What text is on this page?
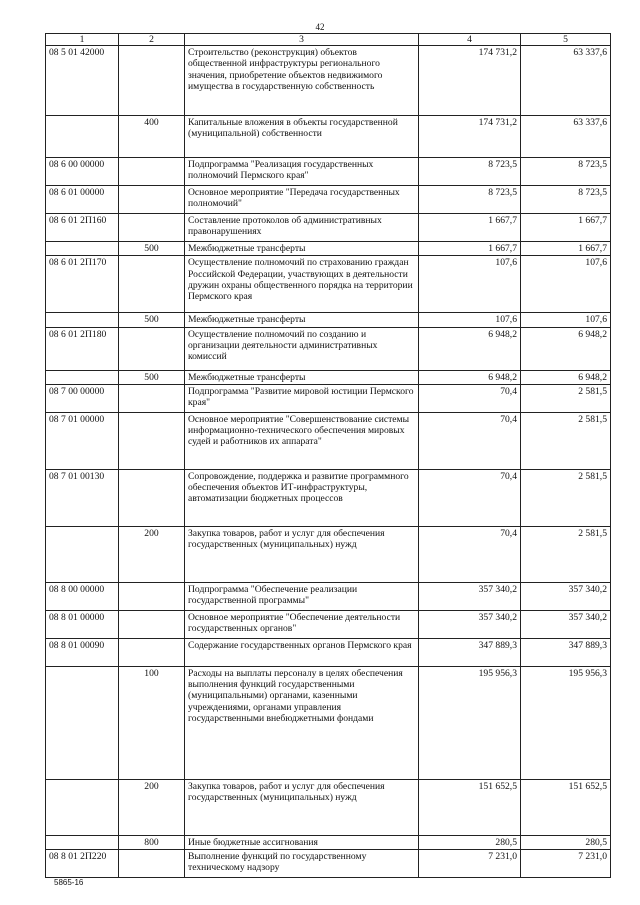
42
1	2	3	4	5
08 5 01 42000		Строительство (реконструкция) объектов общественной инфраструктуры регионального значения, приобретение объектов недвижимого имущества в государственную собственность	174 731,2	63 337,6
	400	Капитальные вложения в объекты государственной (муниципальной) собственности	174 731,2	63 337,6
08 6 00 00000		Подпрограмма "Реализация государственных полномочий Пермского края"	8 723,5	8 723,5
08 6 01 00000		Основное мероприятие "Передача государственных полномочий"	8 723,5	8 723,5
08 6 01 2П160		Составление протоколов об административных правонарушениях	1 667,7	1 667,7
	500	Межбюджетные трансферты	1 667,7	1 667,7
08 6 01 2П170		Осуществление полномочий по страхованию граждан Российской Федерации, участвующих в деятельности дружин охраны общественного порядка на территории Пермского края	107,6	107,6
	500	Межбюджетные трансферты	107,6	107,6
08 6 01 2П180		Осуществление полномочий по созданию и организации деятельности административных комиссий	6 948,2	6 948,2
	500	Межбюджетные трансферты	6 948,2	6 948,2
08 7 00 00000		Подпрограмма "Развитие мировой юстиции Пермского края"	70,4	2 581,5
08 7 01 00000		Основное мероприятие "Совершенствование системы информационно-технического обеспечения мировых судей и работников их аппарата"	70,4	2 581,5
08 7 01 00130		Сопровождение, поддержка и развитие программного обеспечения объектов ИТ-инфраструктуры, автоматизации бюджетных процессов	70,4	2 581,5
	200	Закупка товаров, работ и услуг для обеспечения государственных (муниципальных) нужд	70,4	2 581,5
08 8 00 00000		Подпрограмма "Обеспечение реализации государственной программы"	357 340,2	357 340,2
08 8 01 00000		Основное мероприятие "Обеспечение деятельности государственных органов"	357 340,2	357 340,2
08 8 01 00090		Содержание государственных органов Пермского края	347 889,3	347 889,3
	100	Расходы на выплаты персоналу в целях обеспечения выполнения функций государственными (муниципальными) органами, казенными учреждениями, органами управления государственными внебюджетными фондами	195 956,3	195 956,3
	200	Закупка товаров, работ и услуг для обеспечения государственных (муниципальных) нужд	151 652,5	151 652,5
	800	Иные бюджетные ассигнования	280,5	280,5
08 8 01 2П220		Выполнение функций по государственному техническому надзору	7 231,0	7 231,0
5865-16
